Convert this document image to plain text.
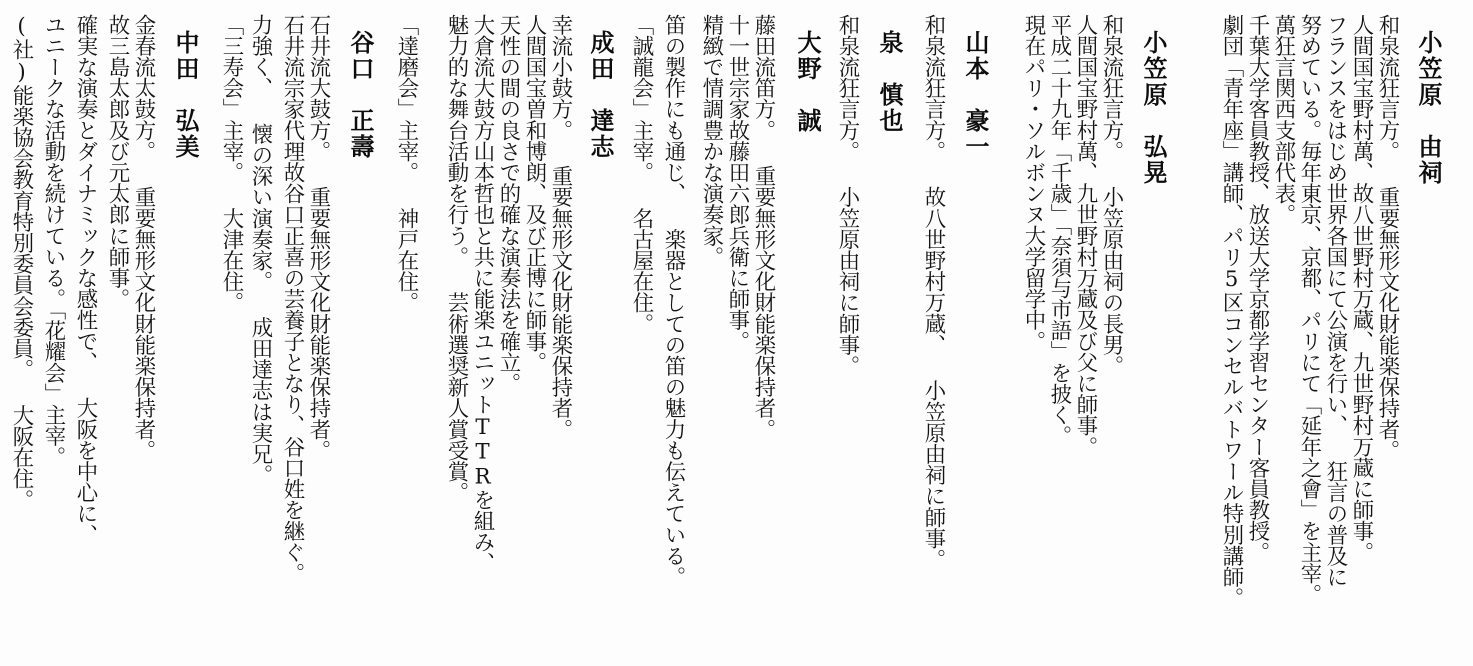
小笠原　由祠
和泉流狂言方。 重要無形文化財能楽保持者。
人間国宝野村萬、故八世野村万蔵、九世野村万蔵に師事。
フランスをはじめ世界各国にて公演を行い、 狂言の普及に
努めている。毎年東京、京都、パリにて「延年之會」を主宰。
萬狂言関西支部代表。
千葉大学客員教授、放送大学京都学習センター客員教授。
劇団「青年座」講師、パリ5区コンセルバトワール特別講師。
小笠原　弘晃
和泉流狂言方。 小笠原由祠の長男。
人間国宝野村萬、九世野村万蔵及び父に師事。
平成二十九年「千歳」「奈須与市語」を披く。
現在パリ・ソルボンヌ大学留学中。
山本　豪一
和泉流狂言方。 故八世野村万蔵、 小笠原由祠に師事。
泉　慎也
和泉流狂言方。 小笠原由祠に師事。
大野　誠
藤田流笛方。 重要無形文化財能楽保持者。
十一世宗家故藤田六郎兵衛に師事。
精緻で情調豊かな演奏家。
笛の製作にも通じ、 楽器としての笛の魅力も伝えている。
「誠龍会」主宰。 名古屋在住。
成田　達志
幸流小鼓方。 重要無形文化財能楽保持者。
人間国宝曽和博朗、及び正博に師事。
天性の間の良さで的確な演奏法を確立。
大倉流大鼓方山本哲也と共に能楽ユニットTTRを組み、
魅力的な舞台活動を行う。 芸術選奨新人賞受賞。
「達磨会」主宰。 神戸在住。
谷口　正壽
石井流大鼓方。 重要無形文化財能楽保持者。
石井流宗家代理故谷口正喜の芸養子となり、谷口姓を継ぐ。
力強く、 懐の深い演奏家。 成田達志は実兄。
「三寿会」主宰。 大津在住。
中田　弘美
金春流太鼓方。 重要無形文化財能楽保持者。
故三島太郎及び元太郎に師事。
確実な演奏とダイナミックな感性で、 大阪を中心に、
ユニークな活動を続けている。「花耀会」主宰。
(社)能楽協会教育特別委員会委員。 大阪在住。
